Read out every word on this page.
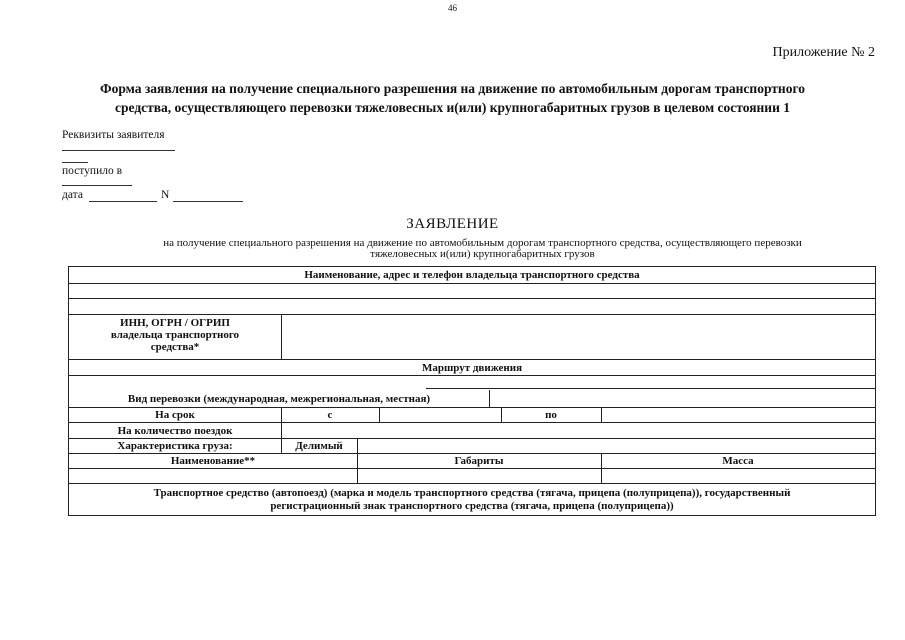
46
Приложение № 2
Форма заявления на получение специального разрешения на движение по автомобильным дорогам транспортного
средства, осуществляющего перевозки тяжеловесных и(или) крупногабаритных грузов в целевом состоянии 1
Реквизиты заявителя
поступило в
дата	N
ЗАЯВЛЕНИЕ
на получение специального разрешения на движение по автомобильным дорогам транспортного средства, осуществляющего перевозки
тяжеловесных и(или) крупногабаритных грузов
Наименование, адрес и телефон владельца транспортного средства
ИНН, ОГРН / ОГРИП
владельца транспортного
средства*
Маршрут движения
Вид перевозки (международная, межрегиональная, местная)
На срок	с	по
На количество поездок
Характеристика груза:	Делимый
Наименование**	Габариты	Масса
Транспортное средство (автопоезд) (марка и модель транспортного средства (тягача, прицепа (полуприцепа)), государственный
регистрационный знак транспортного средства (тягача, прицепа (полуприцепа))
